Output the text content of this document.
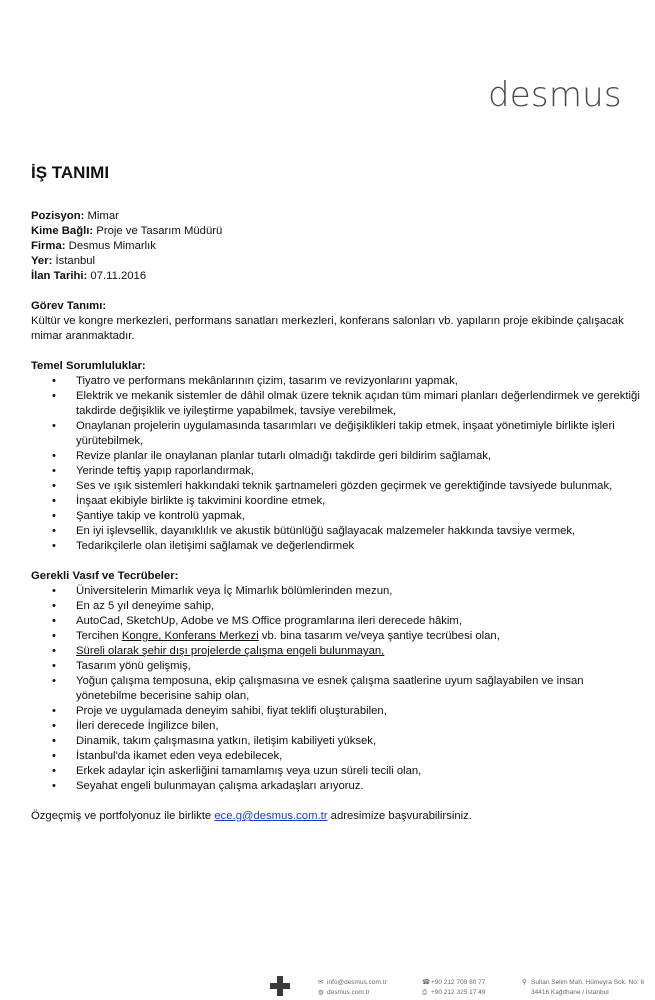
desmus
İŞ TANIMI
Pozisyon: Mimar
Kime Bağlı: Proje ve Tasarım Müdürü
Firma: Desmus Mimarlık
Yer: İstanbul
İlan Tarihi: 07.11.2016
Görev Tanımı:
Kültür ve kongre merkezleri, performans sanatları merkezleri, konferans salonları vb. yapıların proje ekibinde çalışacak mimar aranmaktadır.
Temel Sorumluluklar:
• Tiyatro ve performans mekânlarının çizim, tasarım ve revizyonlarını yapmak,
• Elektrik ve mekanik sistemler de dâhil olmak üzere teknik açıdan tüm mimari planları değerlendirmek ve gerektiği takdirde değişiklik ve iyileştirme yapabilmek, tavsiye verebilmek,
• Onaylanan projelerin uygulamasında tasarımları ve değişiklikleri takip etmek, inşaat yönetimiyle birlikte işleri yürütebilmek,
• Revize planlar ile onaylanan planlar tutarlı olmadığı takdirde geri bildirim sağlamak,
• Yerinde teftiş yapıp raporlandırmak,
• Ses ve ışık sistemleri hakkındaki teknik şartnameleri gözden geçirmek ve gerektiğinde tavsiyede bulunmak,
• İnşaat ekibiyle birlikte iş takvimini koordine etmek,
• Şantiye takip ve kontrolü yapmak,
• En iyi işlevsellik, dayanıklılık ve akustik bütünlüğü sağlayacak malzemeler hakkında tavsiye vermek,
• Tedarikçilerle olan iletişimi sağlamak ve değerlendirmek
Gerekli Vasıf ve Tecrübeler:
• Üniversitelerin Mimarlık veya İç Mimarlık bölümlerinden mezun,
• En az 5 yıl deneyime sahip,
• AutoCad, SketchUp, Adobe ve MS Office programlarına ileri derecede hâkim,
• Tercihen Kongre, Konferans Merkezi vb. bina tasarım ve/veya şantiye tecrübesi olan,
• Süreli olarak şehir dışı projelerde çalışma engeli bulunmayan,
• Tasarım yönü gelişmiş,
• Yoğun çalışma temposuna, ekip çalışmasına ve esnek çalışma saatlerine uyum sağlayabilen ve insan yönetebilme becerisine sahip olan,
• Proje ve uygulamada deneyim sahibi, fiyat teklifi oluşturabilen,
• İleri derecede İngilizce bilen,
• Dinamik, takım çalışmasına yatkın, iletişim kabiliyeti yüksek,
• İstanbul'da ikamet eden veya edebilecek,
• Erkek adaylar için askerliğini tamamlamış veya uzun süreli tecili olan,
• Seyahat engeli bulunmayan çalışma arkadaşları arıyoruz.
Özgeçmiş ve portfolyonuz ile birlikte ece.g@desmus.com.tr adresimize başvurabilirsiniz.
✉ info@desmus.com.tr
◍ desmus.com.tr
☎+90 212 709 80 77
⎙ +90 212 325 17 49
⚲ Sultan Selim Mah. Hümeyra Sok. No: 6
34416 Kağıthane / İstanbul
